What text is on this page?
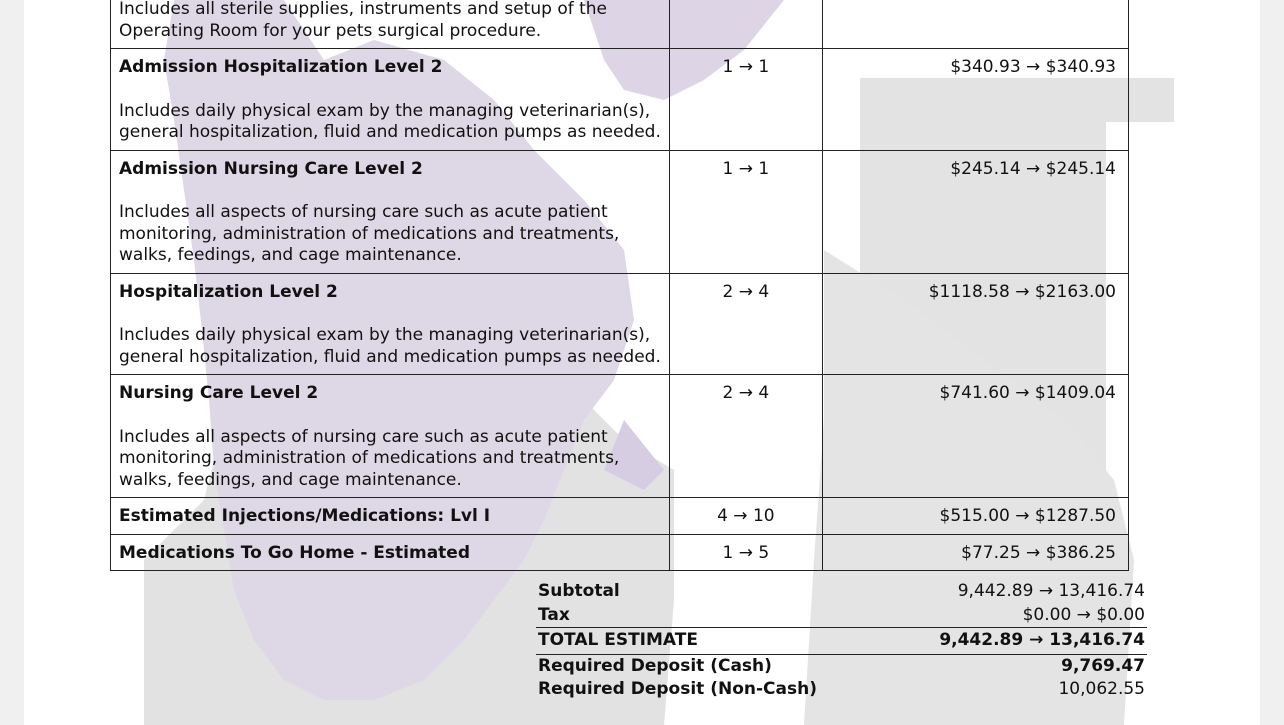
Includes all sterile supplies, instruments and setup of the Operating Room for your pets surgical procedure.		

Admission Hospitalization Level 2
Includes daily physical exam by the managing veterinarian(s), general hospitalization, fluid and medication pumps as needed.	1 → 1	$340.93 → $340.93

Admission Nursing Care Level 2
Includes all aspects of nursing care such as acute patient monitoring, administration of medications and treatments, walks, feedings, and cage maintenance.	1 → 1	$245.14 → $245.14

Hospitalization Level 2
Includes daily physical exam by the managing veterinarian(s), general hospitalization, fluid and medication pumps as needed.	2 → 4	$1118.58 → $2163.00

Nursing Care Level 2
Includes all aspects of nursing care such as acute patient monitoring, administration of medications and treatments, walks, feedings, and cage maintenance.	2 → 4	$741.60 → $1409.04

Estimated Injections/Medications: Lvl I	4 → 10	$515.00 → $1287.50

Medications To Go Home - Estimated	1 → 5	$77.25 → $386.25
Subtotal	9,442.89 → 13,416.74
Tax	$0.00 → $0.00
TOTAL ESTIMATE	9,442.89 → 13,416.74
Required Deposit (Cash)	9,769.47
Required Deposit (Non-Cash)	10,062.55
